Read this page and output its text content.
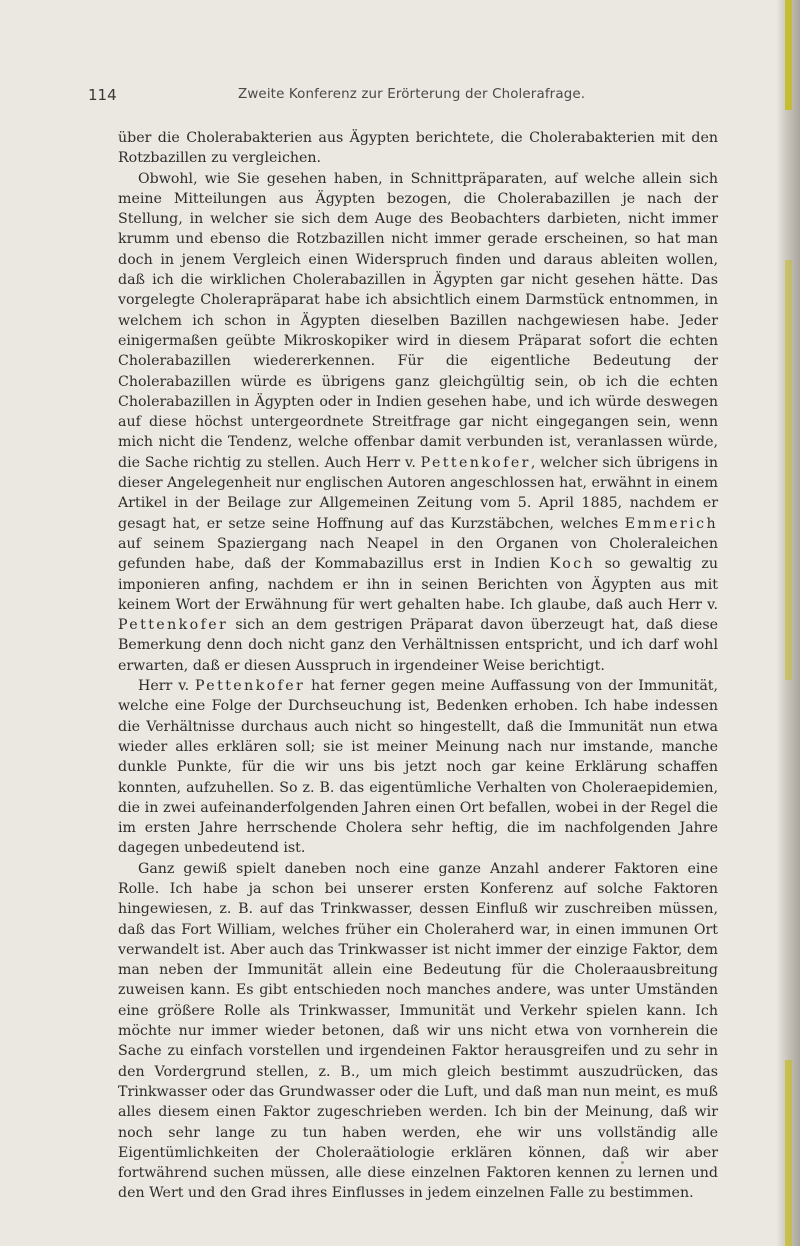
114	Zweite Konferenz zur Erörterung der Cholerafrage.

über die Cholerabakterien aus Ägypten berichtete, die Cholerabakterien mit den Rotzbazillen zu vergleichen.

Obwohl, wie Sie gesehen haben, in Schnittpräparaten, auf welche allein sich meine Mitteilungen aus Ägypten bezogen, die Cholerabazillen je nach der Stellung, in welcher sie sich dem Auge des Beobachters darbieten, nicht immer krumm und ebenso die Rotzbazillen nicht immer gerade erscheinen, so hat man doch in jenem Vergleich einen Widerspruch finden und daraus ableiten wollen, daß ich die wirklichen Cholerabazillen in Ägypten gar nicht gesehen hätte. Das vorgelegte Cholerapräparat habe ich absichtlich einem Darmstück entnommen, in welchem ich schon in Ägypten dieselben Bazillen nachgewiesen habe. Jeder einigermaßen geübte Mikroskopiker wird in diesem Präparat sofort die echten Cholerabazillen wiedererkennen. Für die eigentliche Bedeutung der Cholerabazillen würde es übrigens ganz gleichgültig sein, ob ich die echten Cholerabazillen in Ägypten oder in Indien gesehen habe, und ich würde deswegen auf diese höchst untergeordnete Streitfrage gar nicht eingegangen sein, wenn mich nicht die Tendenz, welche offenbar damit verbunden ist, veranlassen würde, die Sache richtig zu stellen. Auch Herr v. Pettenkofer, welcher sich übrigens in dieser Angelegenheit nur englischen Autoren angeschlossen hat, erwähnt in einem Artikel in der Beilage zur Allgemeinen Zeitung vom 5. April 1885, nachdem er gesagt hat, er setze seine Hoffnung auf das Kurzstäbchen, welches Emmerich auf seinem Spaziergang nach Neapel in den Organen von Choleraleichen gefunden habe, daß der Kommabazillus erst in Indien Koch so gewaltig zu imponieren anfing, nachdem er ihn in seinen Berichten von Ägypten aus mit keinem Wort der Erwähnung für wert gehalten habe. Ich glaube, daß auch Herr v. Pettenkofer sich an dem gestrigen Präparat davon überzeugt hat, daß diese Bemerkung denn doch nicht ganz den Verhältnissen entspricht, und ich darf wohl erwarten, daß er diesen Ausspruch in irgendeiner Weise berichtigt.

Herr v. Pettenkofer hat ferner gegen meine Auffassung von der Immunität, welche eine Folge der Durchseuchung ist, Bedenken erhoben. Ich habe indessen die Verhältnisse durchaus auch nicht so hingestellt, daß die Immunität nun etwa wieder alles erklären soll; sie ist meiner Meinung nach nur imstande, manche dunkle Punkte, für die wir uns bis jetzt noch gar keine Erklärung schaffen konnten, aufzuhellen. So z. B. das eigentümliche Verhalten von Choleraepidemien, die in zwei aufeinanderfolgenden Jahren einen Ort befallen, wobei in der Regel die im ersten Jahre herrschende Cholera sehr heftig, die im nachfolgenden Jahre dagegen unbedeutend ist.

Ganz gewiß spielt daneben noch eine ganze Anzahl anderer Faktoren eine Rolle. Ich habe ja schon bei unserer ersten Konferenz auf solche Faktoren hingewiesen, z. B. auf das Trinkwasser, dessen Einfluß wir zuschreiben müssen, daß das Fort William, welches früher ein Choleraherd war, in einen immunen Ort verwandelt ist. Aber auch das Trinkwasser ist nicht immer der einzige Faktor, dem man neben der Immunität allein eine Bedeutung für die Choleraausbreitung zuweisen kann. Es gibt entschieden noch manches andere, was unter Umständen eine größere Rolle als Trinkwasser, Immunität und Verkehr spielen kann. Ich möchte nur immer wieder betonen, daß wir uns nicht etwa von vornherein die Sache zu einfach vorstellen und irgendeinen Faktor herausgreifen und zu sehr in den Vordergrund stellen, z. B., um mich gleich bestimmt auszudrücken, das Trinkwasser oder das Grundwasser oder die Luft, und daß man nun meint, es muß alles diesem einen Faktor zugeschrieben werden. Ich bin der Meinung, daß wir noch sehr lange zu tun haben werden, ehe wir uns vollständig alle Eigentümlichkeiten der Choleraätiologie erklären können, daß wir aber fortwährend suchen müssen, alle diese einzelnen Faktoren kennen zu lernen und den Wert und den Grad ihres Einflusses in jedem einzelnen Falle zu bestimmen.
